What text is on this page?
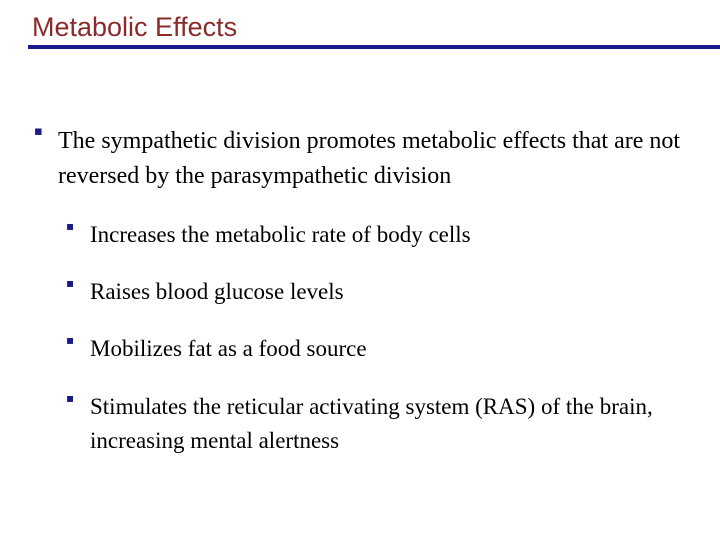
Metabolic Effects
▪ The sympathetic division promotes metabolic effects that are not reversed by the parasympathetic division
▪ Increases the metabolic rate of body cells
▪ Raises blood glucose levels
▪ Mobilizes fat as a food source
▪ Stimulates the reticular activating system (RAS) of the brain, increasing mental alertness
